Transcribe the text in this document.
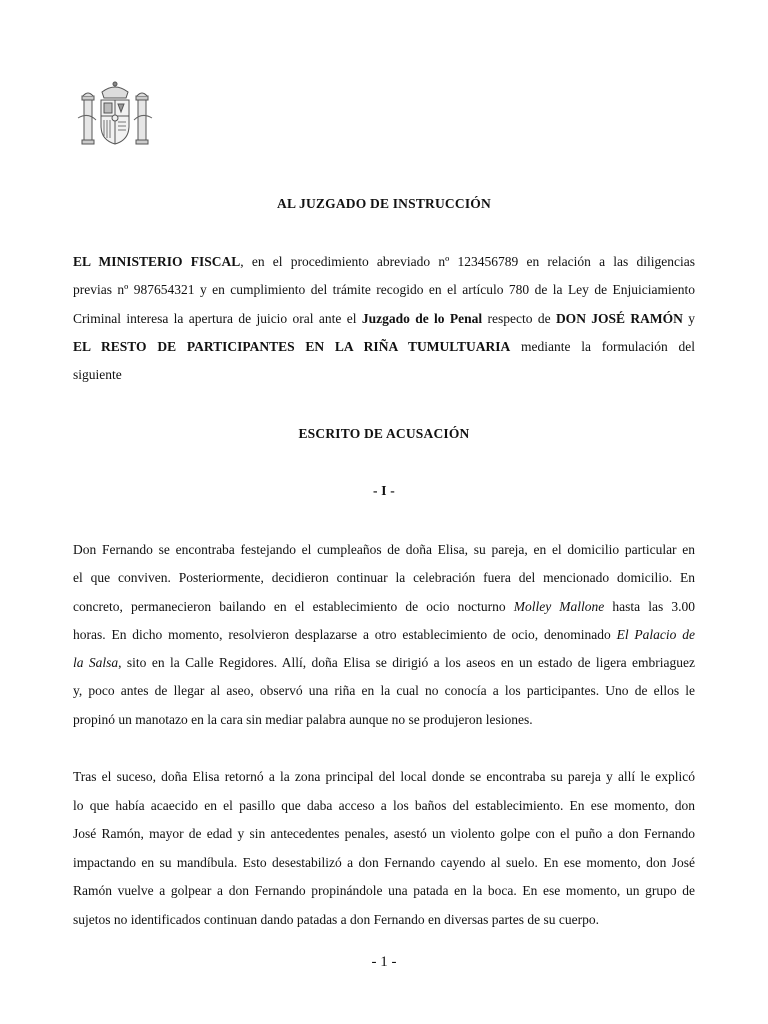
AL JUZGADO DE INSTRUCCIÓN
EL MINISTERIO FISCAL, en el procedimiento abreviado nº 123456789 en relación a las diligencias
previas nº 987654321 y en cumplimiento del trámite recogido en el artículo 780 de la Ley de Enjuiciamiento
Criminal interesa la apertura de juicio oral ante el Juzgado de lo Penal respecto de DON JOSÉ RAMÓN y
EL RESTO DE PARTICIPANTES EN LA RIÑA TUMULTUARIA mediante la formulación del
siguiente
ESCRITO DE ACUSACIÓN
- I -
Don Fernando se encontraba festejando el cumpleaños de doña Elisa, su pareja, en el domicilio particular en
el que conviven. Posteriormente, decidieron continuar la celebración fuera del mencionado domicilio. En
concreto, permanecieron bailando en el establecimiento de ocio nocturno Molley Mallone hasta las 3.00
horas. En dicho momento, resolvieron desplazarse a otro establecimiento de ocio, denominado El Palacio de
la Salsa, sito en la Calle Regidores. Allí, doña Elisa se dirigió a los aseos en un estado de ligera embriaguez
y, poco antes de llegar al aseo, observó una riña en la cual no conocía a los participantes. Uno de ellos le
propinó un manotazo en la cara sin mediar palabra aunque no se produjeron lesiones.
Tras el suceso, doña Elisa retornó a la zona principal del local donde se encontraba su pareja y allí le explicó
lo que había acaecido en el pasillo que daba acceso a los baños del establecimiento. En ese momento, don
José Ramón, mayor de edad y sin antecedentes penales, asestó un violento golpe con el puño a don Fernando
impactando en su mandíbula. Esto desestabilizó a don Fernando cayendo al suelo. En ese momento, don José
Ramón vuelve a golpear a don Fernando propinándole una patada en la boca. En ese momento, un grupo de
sujetos no identificados continuan dando patadas a don Fernando en diversas partes de su cuerpo.
- 1 -
